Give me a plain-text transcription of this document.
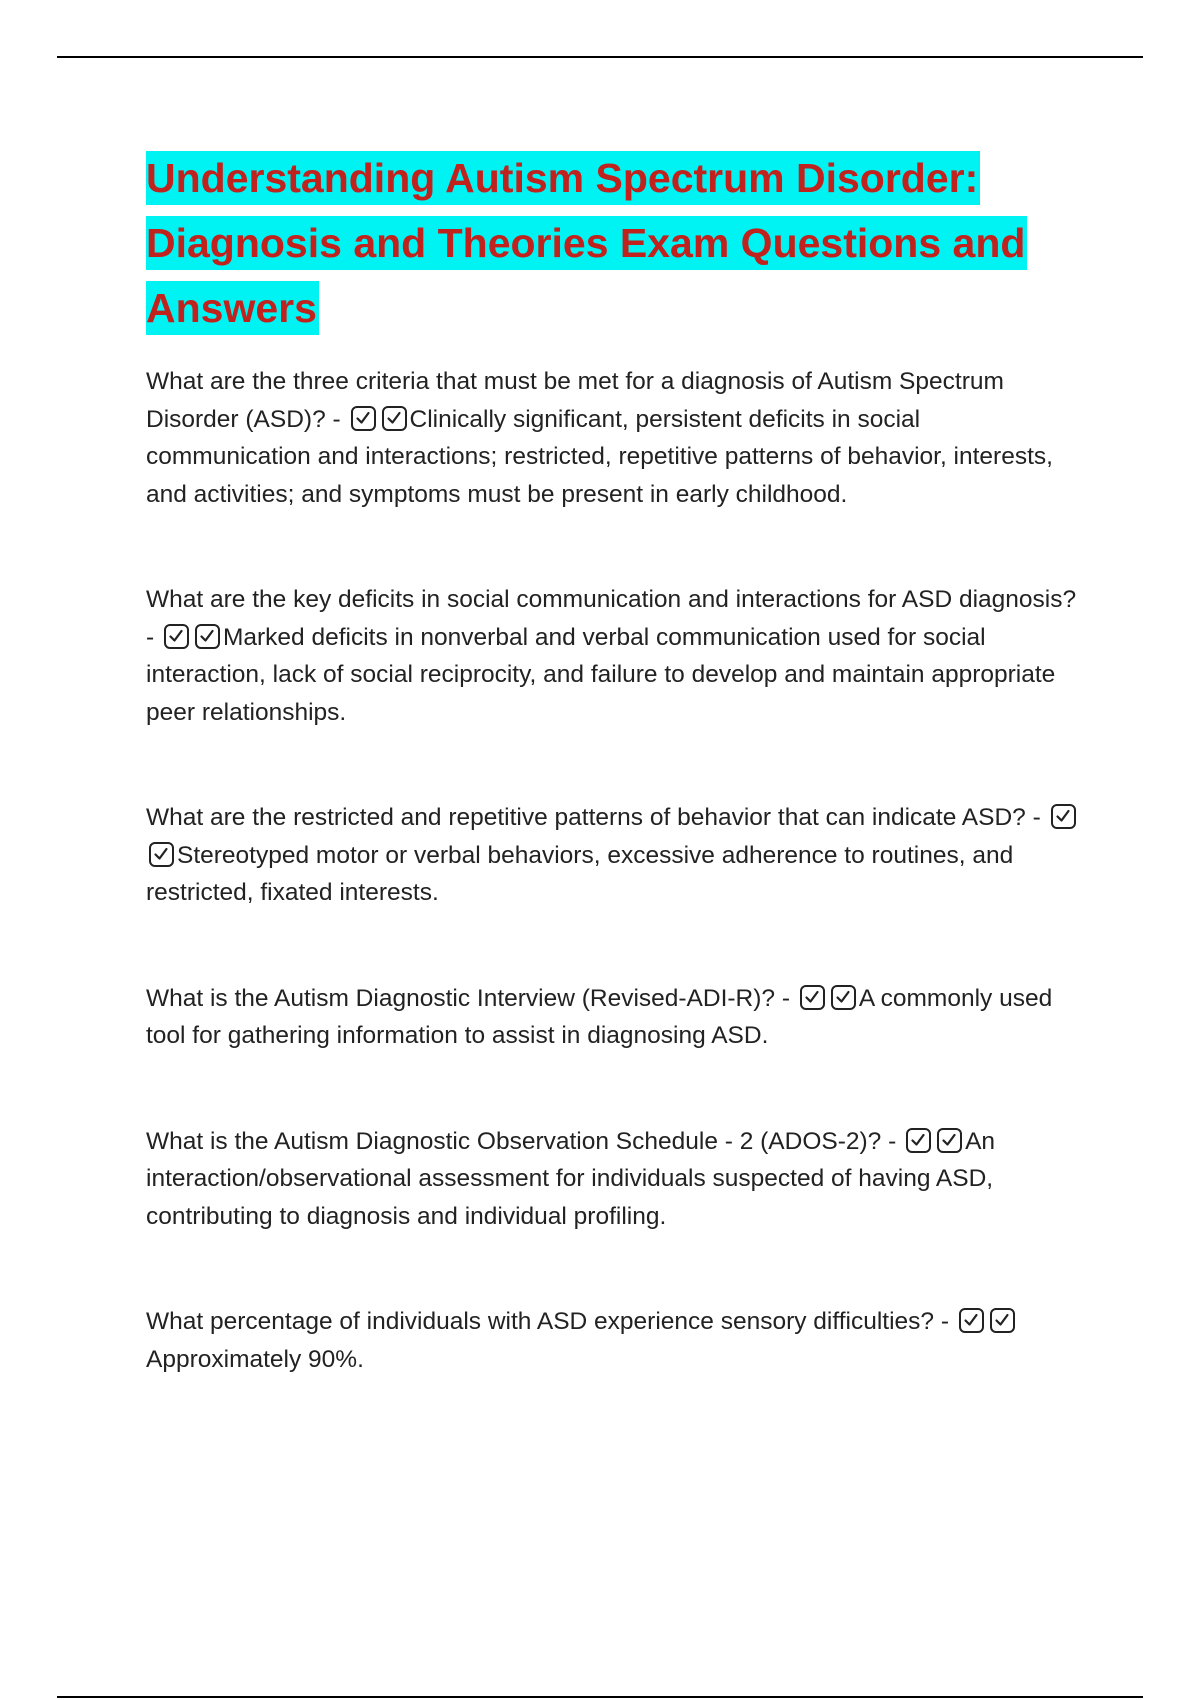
Understanding Autism Spectrum Disorder: Diagnosis and Theories Exam Questions and Answers

What are the three criteria that must be met for a diagnosis of Autism Spectrum Disorder (ASD)? -	Clinically significant, persistent deficits in social communication and interactions; restricted, repetitive patterns of behavior, interests, and activities; and symptoms must be present in early childhood.

What are the key deficits in social communication and interactions for ASD diagnosis? -	Marked deficits in nonverbal and verbal communication used for social interaction, lack of social reciprocity, and failure to develop and maintain appropriate peer relationships.

What are the restricted and repetitive patterns of behavior that can indicate ASD? -
Stereotyped motor or verbal behaviors, excessive adherence to routines, and restricted, fixated interests.

What is the Autism Diagnostic Interview (Revised-ADI-R)? -	A commonly used tool for gathering information to assist in diagnosing ASD.

What is the Autism Diagnostic Observation Schedule - 2 (ADOS-2)? -	An interaction/observational assessment for individuals suspected of having ASD, contributing to diagnosis and individual profiling.

What percentage of individuals with ASD experience sensory difficulties? -
Approximately 90%.
